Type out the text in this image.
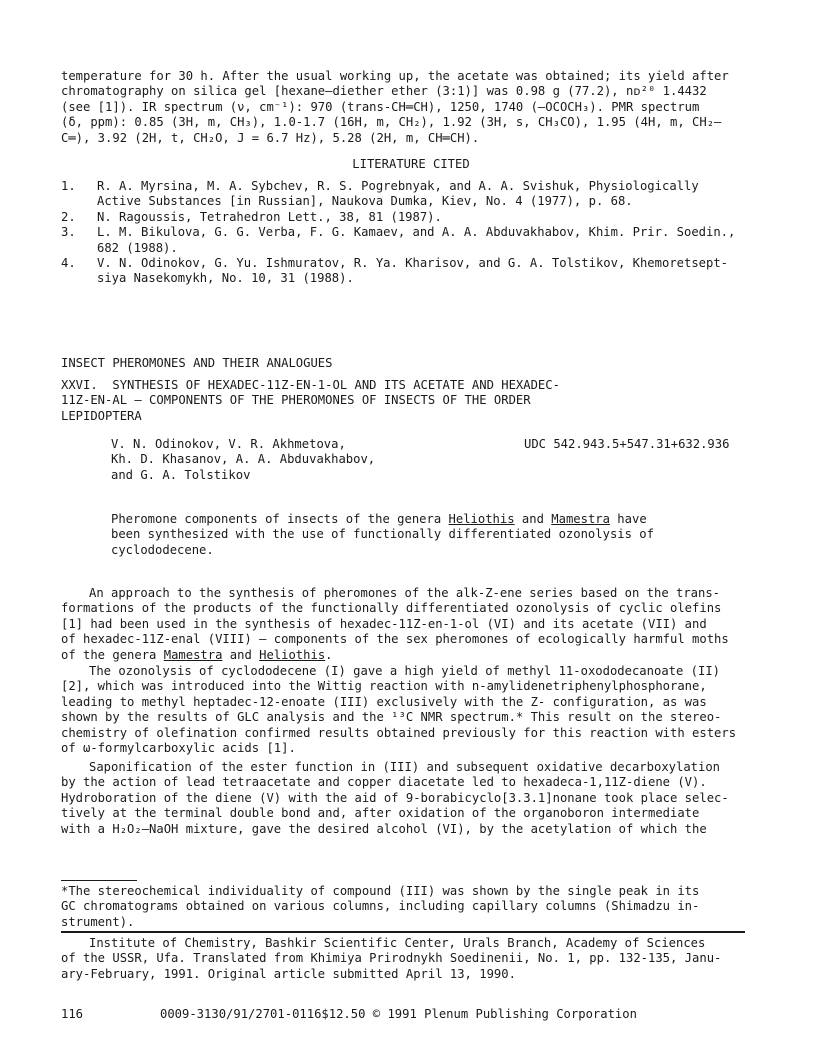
temperature for 30 h. After the usual working up, the acetate was obtained; its yield after
chromatography on silica gel [hexane—diether ether (3:1)] was 0.98 g (77.2), nᴅ²⁰ 1.4432
(see [1]). IR spectrum (ν, cm⁻¹): 970 (trans-CH═CH), 1250, 1740 (—OCOCH₃). PMR spectrum
(δ, ppm): 0.85 (3H, m, CH₃), 1.0-1.7 (16H, m, CH₂), 1.92 (3H, s, CH₃CO), 1.95 (4H, m, CH₂—
C═), 3.92 (2H, t, CH₂O, J = 6.7 Hz), 5.28 (2H, m, CH═CH).
LITERATURE CITED
1. R. A. Myrsina, M. A. Sybchev, R. S. Pogrebnyak, and A. A. Svishuk, Physiologically
Active Substances [in Russian], Naukova Dumka, Kiev, No. 4 (1977), p. 68.
2. N. Ragoussis, Tetrahedron Lett., 38, 81 (1987).
3. L. M. Bikulova, G. G. Verba, F. G. Kamaev, and A. A. Abduvakhabov, Khim. Prir. Soedin.,
682 (1988).
4. V. N. Odinokov, G. Yu. Ishmuratov, R. Ya. Kharisov, and G. A. Tolstikov, Khemoretsept-
siya Nasekomykh, No. 10, 31 (1988).
INSECT PHEROMONES AND THEIR ANALOGUES
XXVI.  SYNTHESIS OF HEXADEC-11Z-EN-1-OL AND ITS ACETATE AND HEXADEC-
11Z-EN-AL — COMPONENTS OF THE PHEROMONES OF INSECTS OF THE ORDER
LEPIDOPTERA
V. N. Odinokov, V. R. Akhmetova,
Kh. D. Khasanov, A. A. Abduvakhabov,
and G. A. Tolstikov
UDC 542.943.5+547.31+632.936
Pheromone components of insects of the genera Heliothis and Mamestra have
been synthesized with the use of functionally differentiated ozonolysis of
cyclododecene.
An approach to the synthesis of pheromones of the alk-Z-ene series based on the trans-
formations of the products of the functionally differentiated ozonolysis of cyclic olefins
[1] had been used in the synthesis of hexadec-11Z-en-1-ol (VI) and its acetate (VII) and
of hexadec-11Z-enal (VIII) — components of the sex pheromones of ecologically harmful moths
of the genera Mamestra and Heliothis.
The ozonolysis of cyclododecene (I) gave a high yield of methyl 11-oxododecanoate (II)
[2], which was introduced into the Wittig reaction with n-amylidenetriphenylphosphorane,
leading to methyl heptadec-12-enoate (III) exclusively with the Z- configuration, as was
shown by the results of GLC analysis and the ¹³C NMR spectrum.* This result on the stereo-
chemistry of olefination confirmed results obtained previously for this reaction with esters
of ω-formylcarboxylic acids [1].
Saponification of the ester function in (III) and subsequent oxidative decarboxylation
by the action of lead tetraacetate and copper diacetate led to hexadeca-1,11Z-diene (V).
Hydroboration of the diene (V) with the aid of 9-borabicyclo[3.3.1]nonane took place selec-
tively at the terminal double bond and, after oxidation of the organoboron intermediate
with a H₂O₂—NaOH mixture, gave the desired alcohol (VI), by the acetylation of which the
*The stereochemical individuality of compound (III) was shown by the single peak in its
GC chromatograms obtained on various columns, including capillary columns (Shimadzu in-
strument).
Institute of Chemistry, Bashkir Scientific Center, Urals Branch, Academy of Sciences
of the USSR, Ufa. Translated from Khimiya Prirodnykh Soedinenii, No. 1, pp. 132-135, Janu-
ary-February, 1991. Original article submitted April 13, 1990.
116	0009-3130/91/2701-0116$12.50 © 1991 Plenum Publishing Corporation
